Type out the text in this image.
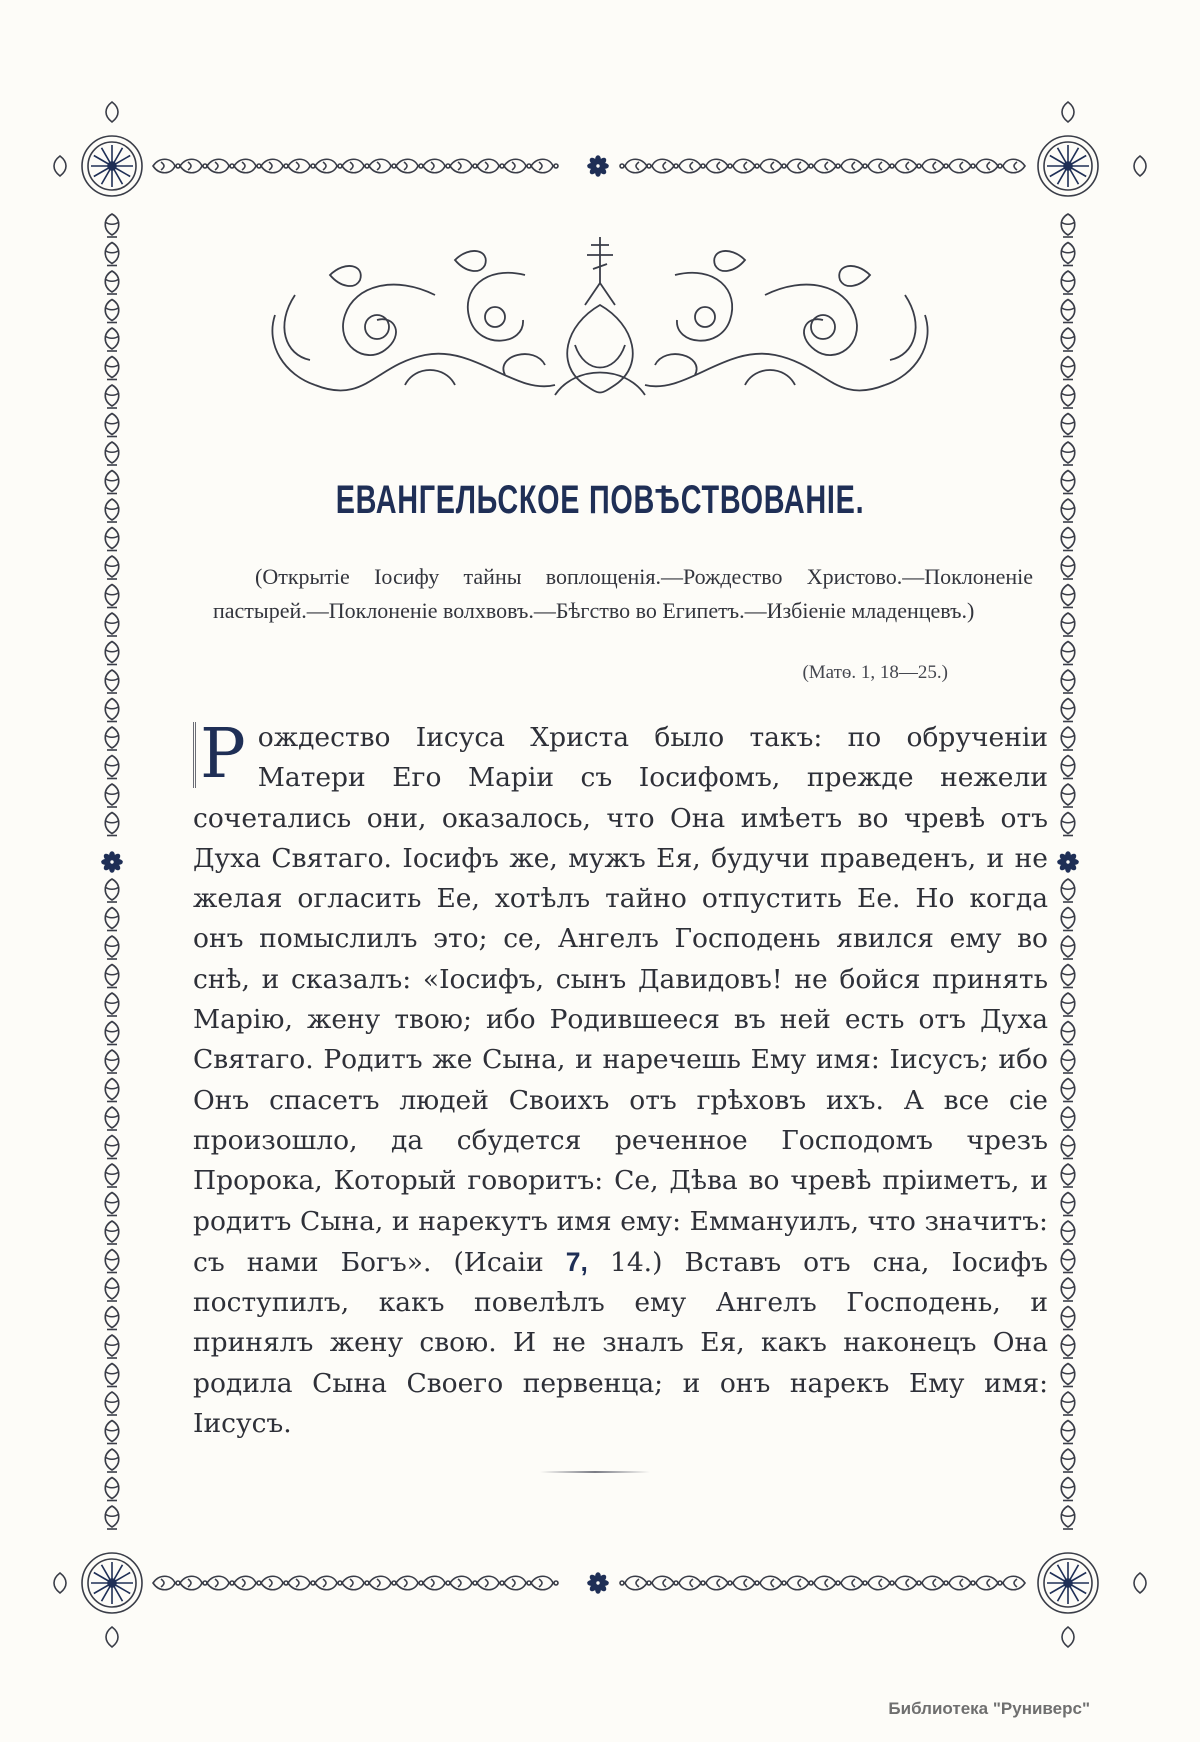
ЕВАНГЕЛЬСКОЕ ПОВѢСТВОВАНІЕ.
(Открытіе Іосифу тайны воплощенія.—Рождество Христово.—Поклоненіе пастырей.—Поклоненіе волхвовъ.—Бѣгство во Египетъ.—Избіеніе младенцевъ.)
(Матѳ. 1, 18—25.)
Р ождество Іисуса Христа было такъ: по обрученіи Матери Его Маріи съ Іосифомъ, прежде нежели сочетались они, оказалось, что Она имѣетъ во чревѣ отъ Духа Святаго. Іосифъ же, мужъ Ея, будучи праведенъ, и не желая огласить Ее, хотѣлъ тайно отпустить Ее. Но когда онъ помыслилъ это; се, Ангелъ Господень явился ему во снѣ, и сказалъ: «Іосифъ, сынъ Давидовъ! не бойся принять Марію, жену твою; ибо Родившееся въ ней есть отъ Духа Святаго. Родитъ же Сына, и наречешь Ему имя: Іисусъ; ибо Онъ спасетъ людей Своихъ отъ грѣховъ ихъ. А все сіе произошло, да сбудется реченное Господомъ чрезъ Пророка, Который говоритъ: Се, Дѣва во чревѣ пріиметъ, и родитъ Сына, и нарекутъ имя ему: Еммануилъ, что значитъ: съ нами Богъ». (Исаіи 7, 14.) Вставъ отъ сна, Іосифъ поступилъ, какъ повелѣлъ ему Ангелъ Господень, и принялъ жену свою. И не зналъ Ея, какъ наконецъ Она родила Сына Своего первенца; и онъ нарекъ Ему имя: Іисусъ.
Библиотека "Руниверс"
